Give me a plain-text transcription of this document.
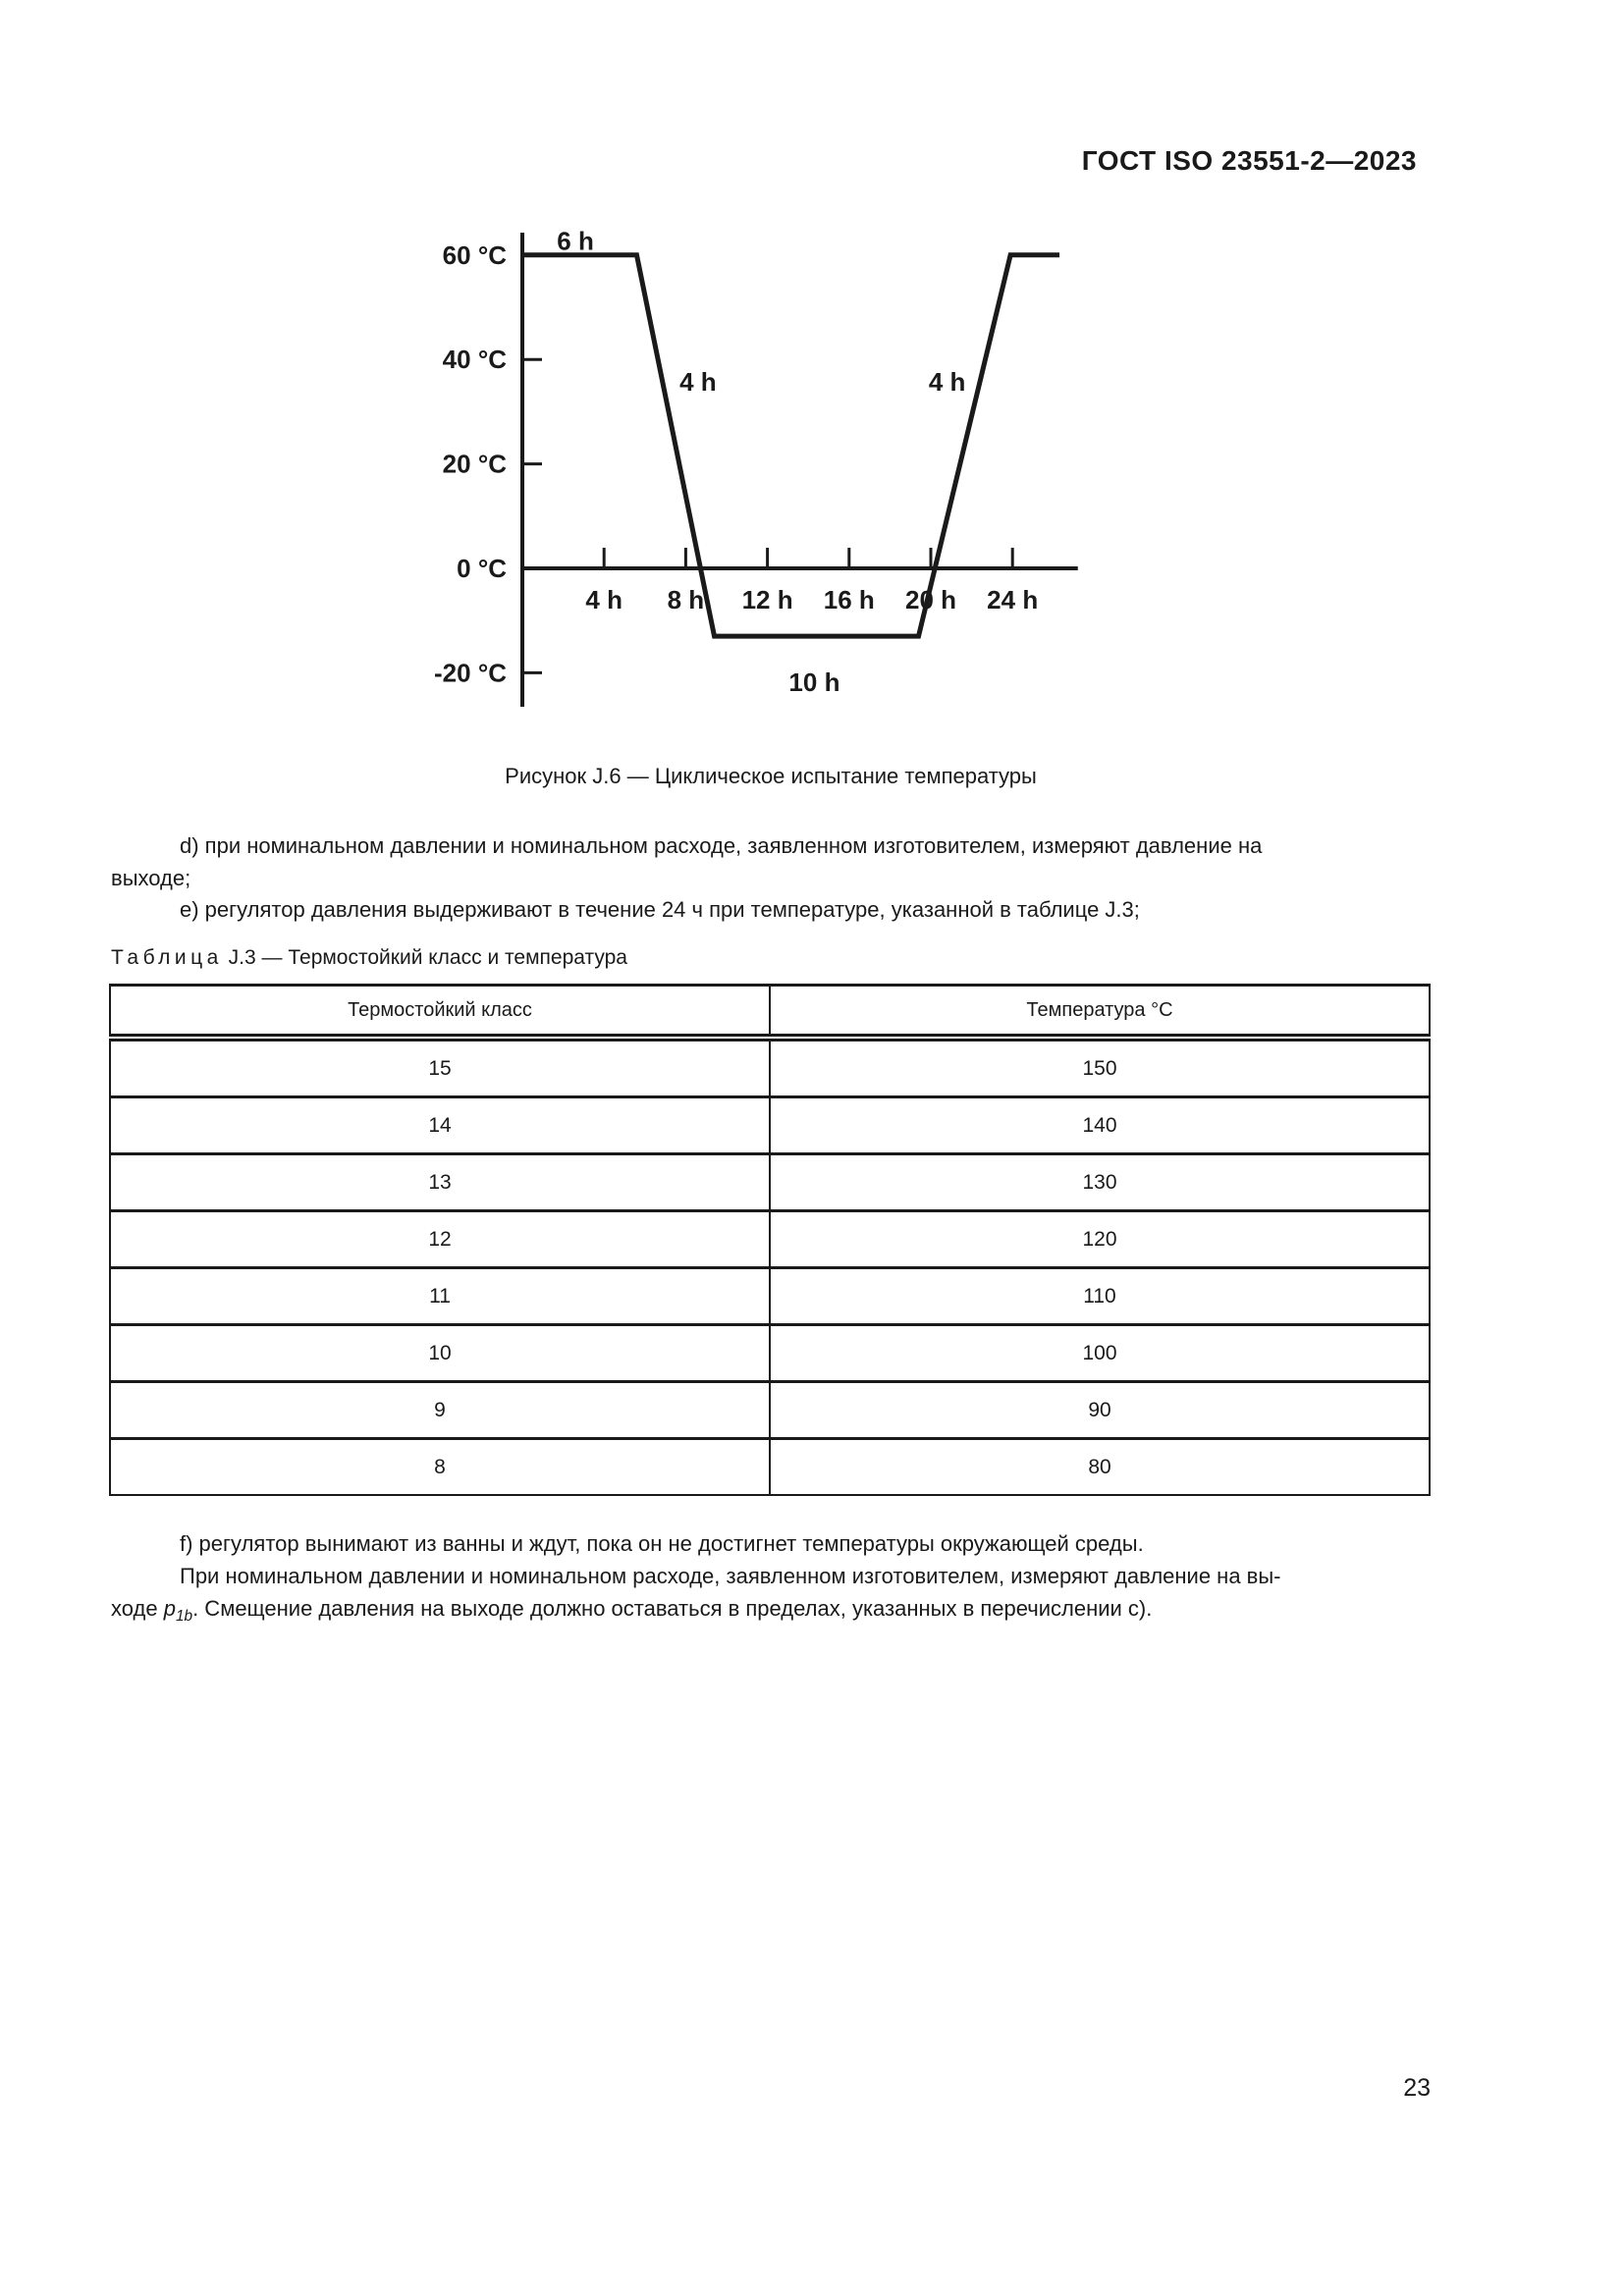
ГОСТ ISO 23551-2—2023
4 h 8 h 12 h 16 h 20 h 24 h
60 °C
40 °C
20 °C
0 °C
-20 °C
6 h
4 h	4 h
10 h
Рисунок J.6 — Циклическое испытание температуры
d) при номинальном давлении и номинальном расходе, заявленном изготовителем, измеряют давление на
выходе;
e) регулятор давления выдерживают в течение 24 ч при температуре, указанной в таблице J.3;
Таблица J.3 — Термостойкий класс и температура
Термостойкий класс	Температура °С
15	150
14	140
13	130
12	120
11	110
10	100
9	90
8	80
f) регулятор вынимают из ванны и ждут, пока он не достигнет температуры окружающей среды.
При номинальном давлении и номинальном расходе, заявленном изготовителем, измеряют давление на вы-
ходе $p_{1b}$. Смещение давления на выходе должно оставаться в пределах, указанных в перечислении c).
23
